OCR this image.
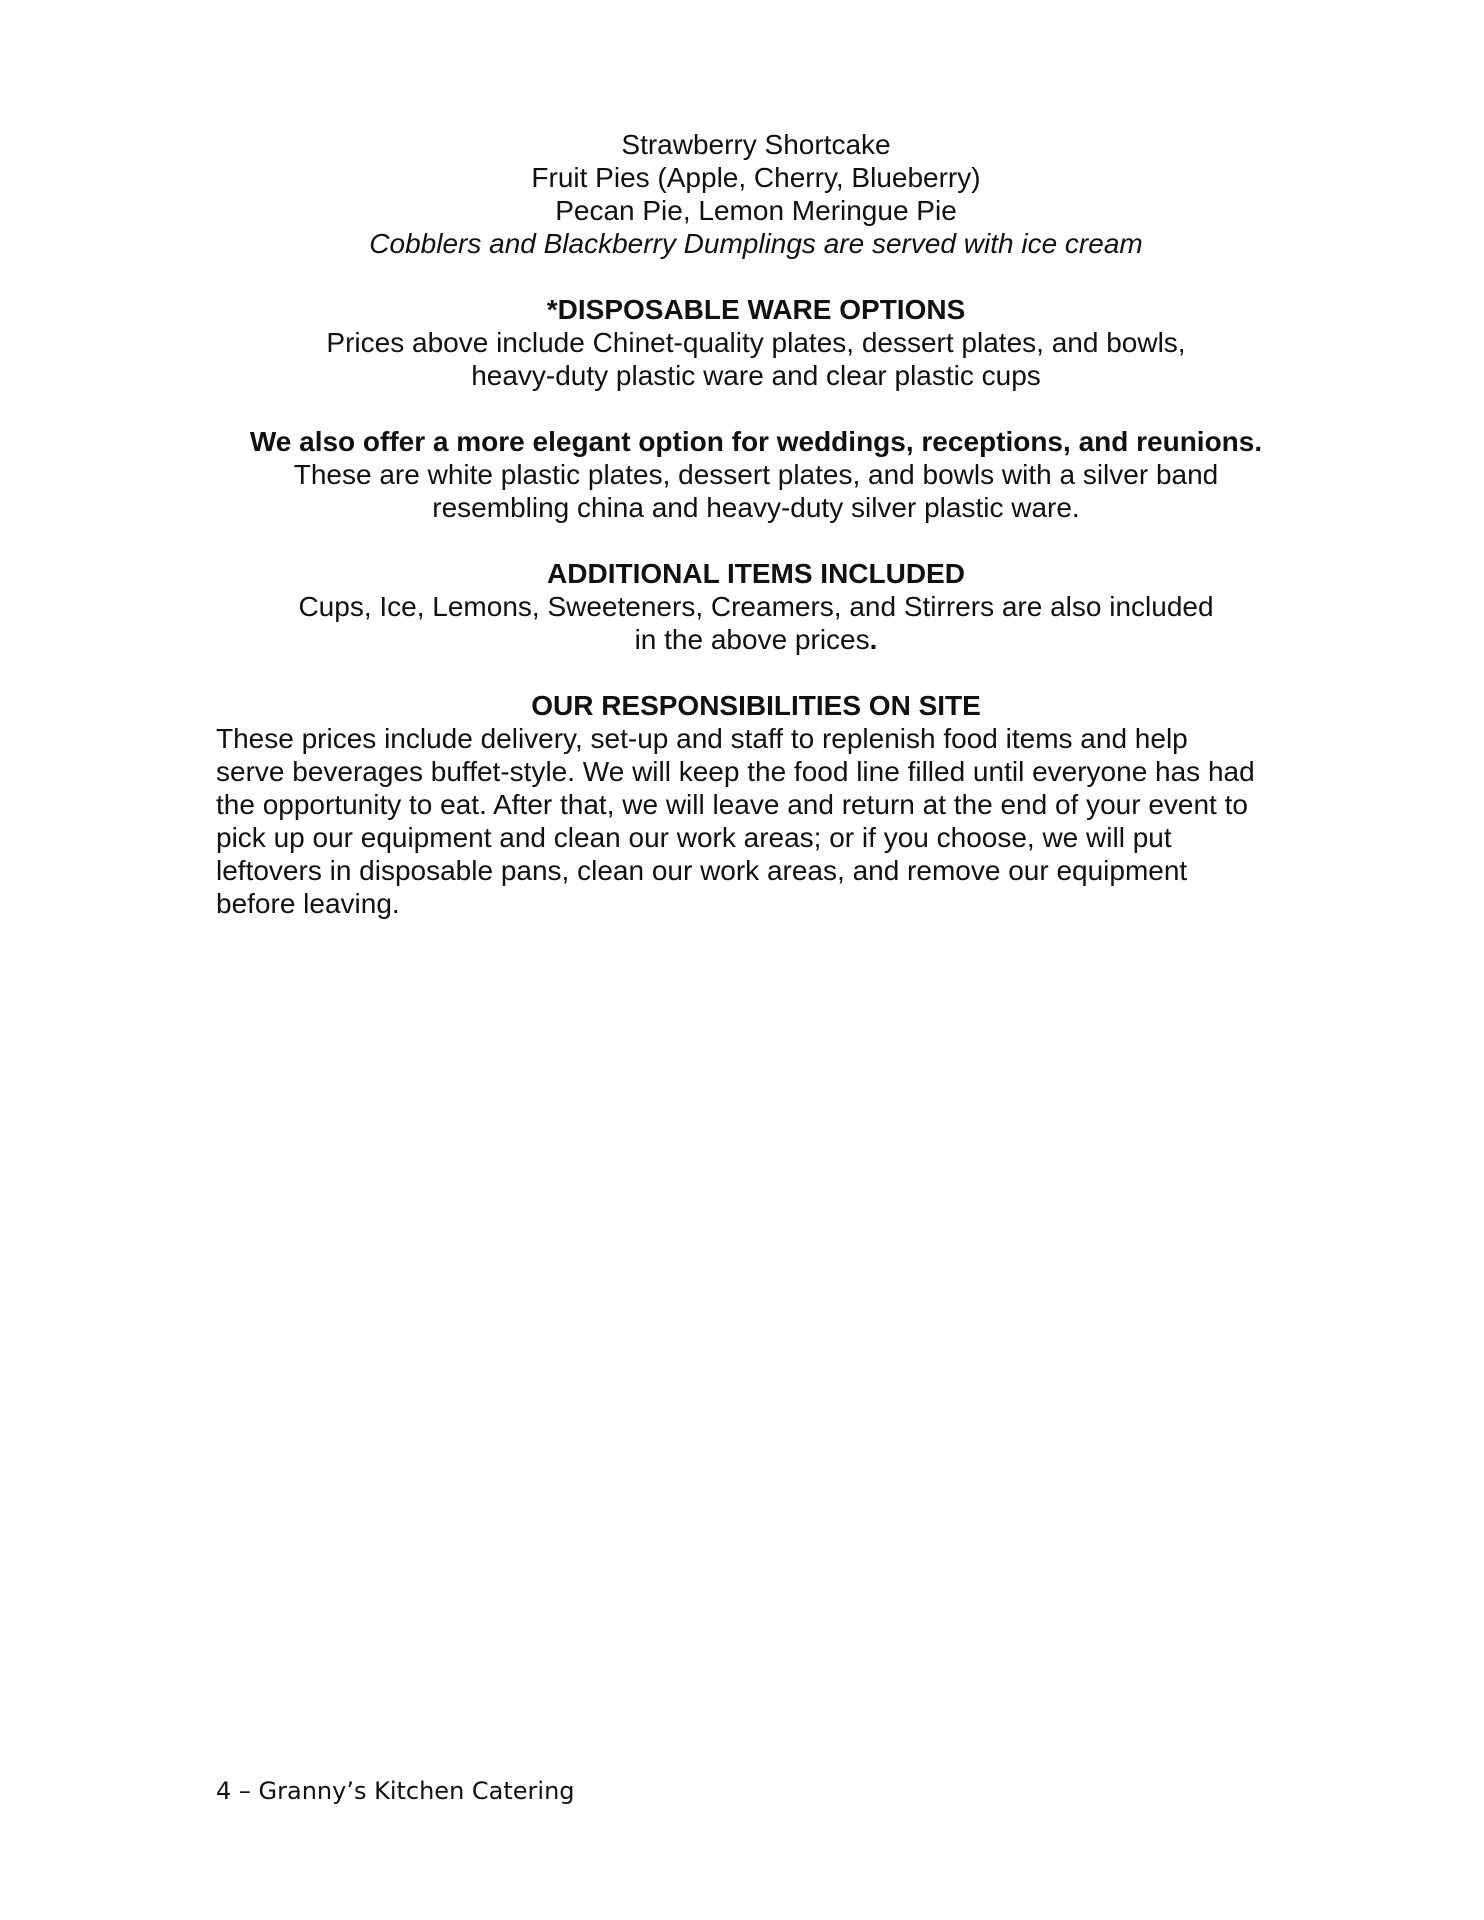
Strawberry Shortcake
Fruit Pies (Apple, Cherry, Blueberry)
Pecan Pie, Lemon Meringue Pie
Cobblers and Blackberry Dumplings are served with ice cream
*DISPOSABLE WARE OPTIONS
Prices above include Chinet-quality plates, dessert plates, and bowls,
heavy-duty plastic ware and clear plastic cups
We also offer a more elegant option for weddings, receptions, and reunions.
These are white plastic plates, dessert plates, and bowls with a silver band
resembling china and heavy-duty silver plastic ware.
ADDITIONAL ITEMS INCLUDED
Cups, Ice, Lemons, Sweeteners, Creamers, and Stirrers are also included
in the above prices.
OUR RESPONSIBILITIES ON SITE
These prices include delivery, set-up and staff to replenish food items and help
serve beverages buffet-style. We will keep the food line filled until everyone has had
the opportunity to eat. After that, we will leave and return at the end of your event to
pick up our equipment and clean our work areas; or if you choose, we will put
leftovers in disposable pans, clean our work areas, and remove our equipment
before leaving.
4 – Granny’s Kitchen Catering
